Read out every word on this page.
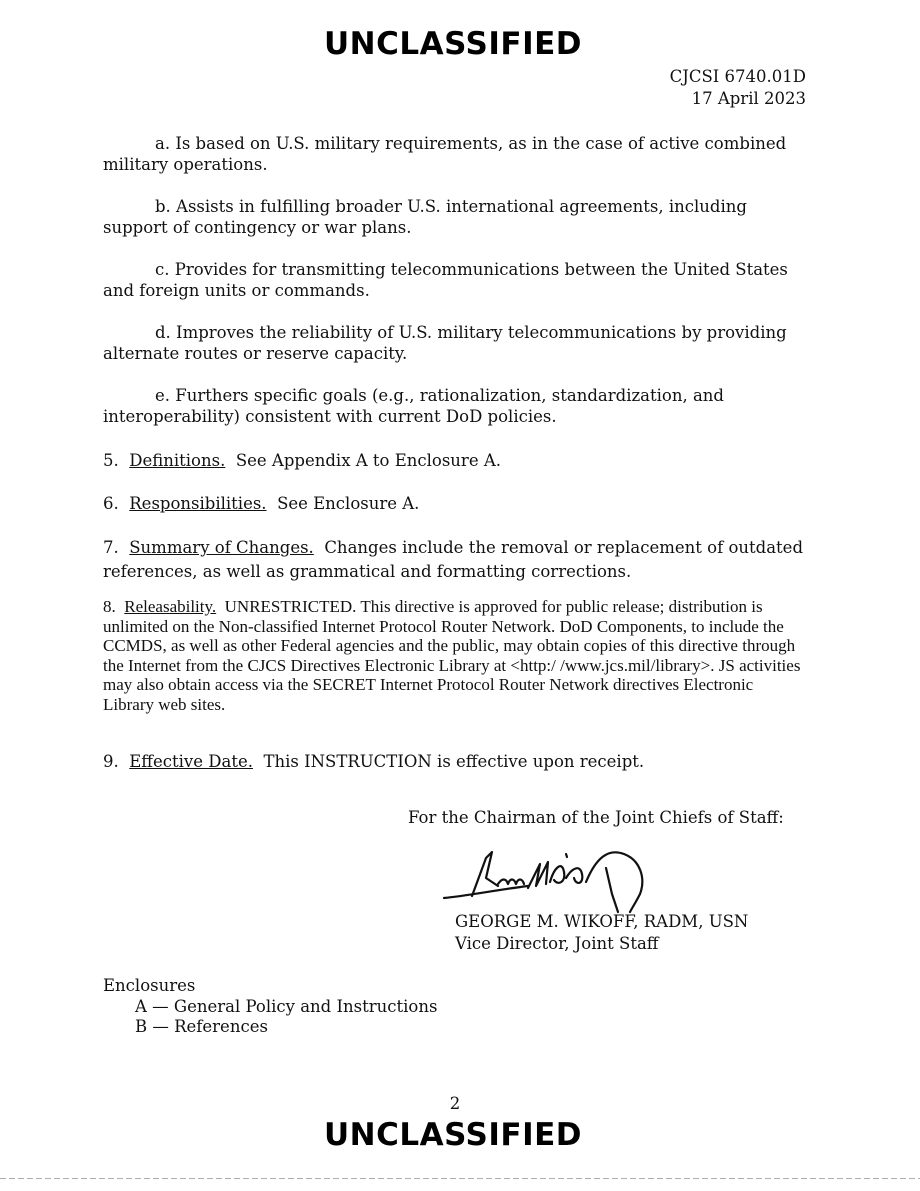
UNCLASSIFIED
CJCSI 6740.01D
17 April 2023

a. Is based on U.S. military requirements, as in the case of active combined military operations.

b. Assists in fulfilling broader U.S. international agreements, including support of contingency or war plans.

c. Provides for transmitting telecommunications between the United States and foreign units or commands.

d. Improves the reliability of U.S. military telecommunications by providing alternate routes or reserve capacity.

e. Furthers specific goals (e.g., rationalization, standardization, and interoperability) consistent with current DoD policies.

5. Definitions. See Appendix A to Enclosure A.

6. Responsibilities. See Enclosure A.

7. Summary of Changes. Changes include the removal or replacement of outdated references, as well as grammatical and formatting corrections.

8. Releasability. UNRESTRICTED. This directive is approved for public release; distribution is unlimited on the Non-classified Internet Protocol Router Network. DoD Components, to include the CCMDS, as well as other Federal agencies and the public, may obtain copies of this directive through the Internet from the CJCS Directives Electronic Library at <http:/ /www.jcs.mil/library>. JS activities may also obtain access via the SECRET Internet Protocol Router Network directives Electronic Library web sites.

9. Effective Date. This INSTRUCTION is effective upon receipt.

For the Chairman of the Joint Chiefs of Staff:
GEORGE M. WIKOFF, RADM, USN
Vice Director, Joint Staff
Enclosures
A — General Policy and Instructions
B — References
2
UNCLASSIFIED
